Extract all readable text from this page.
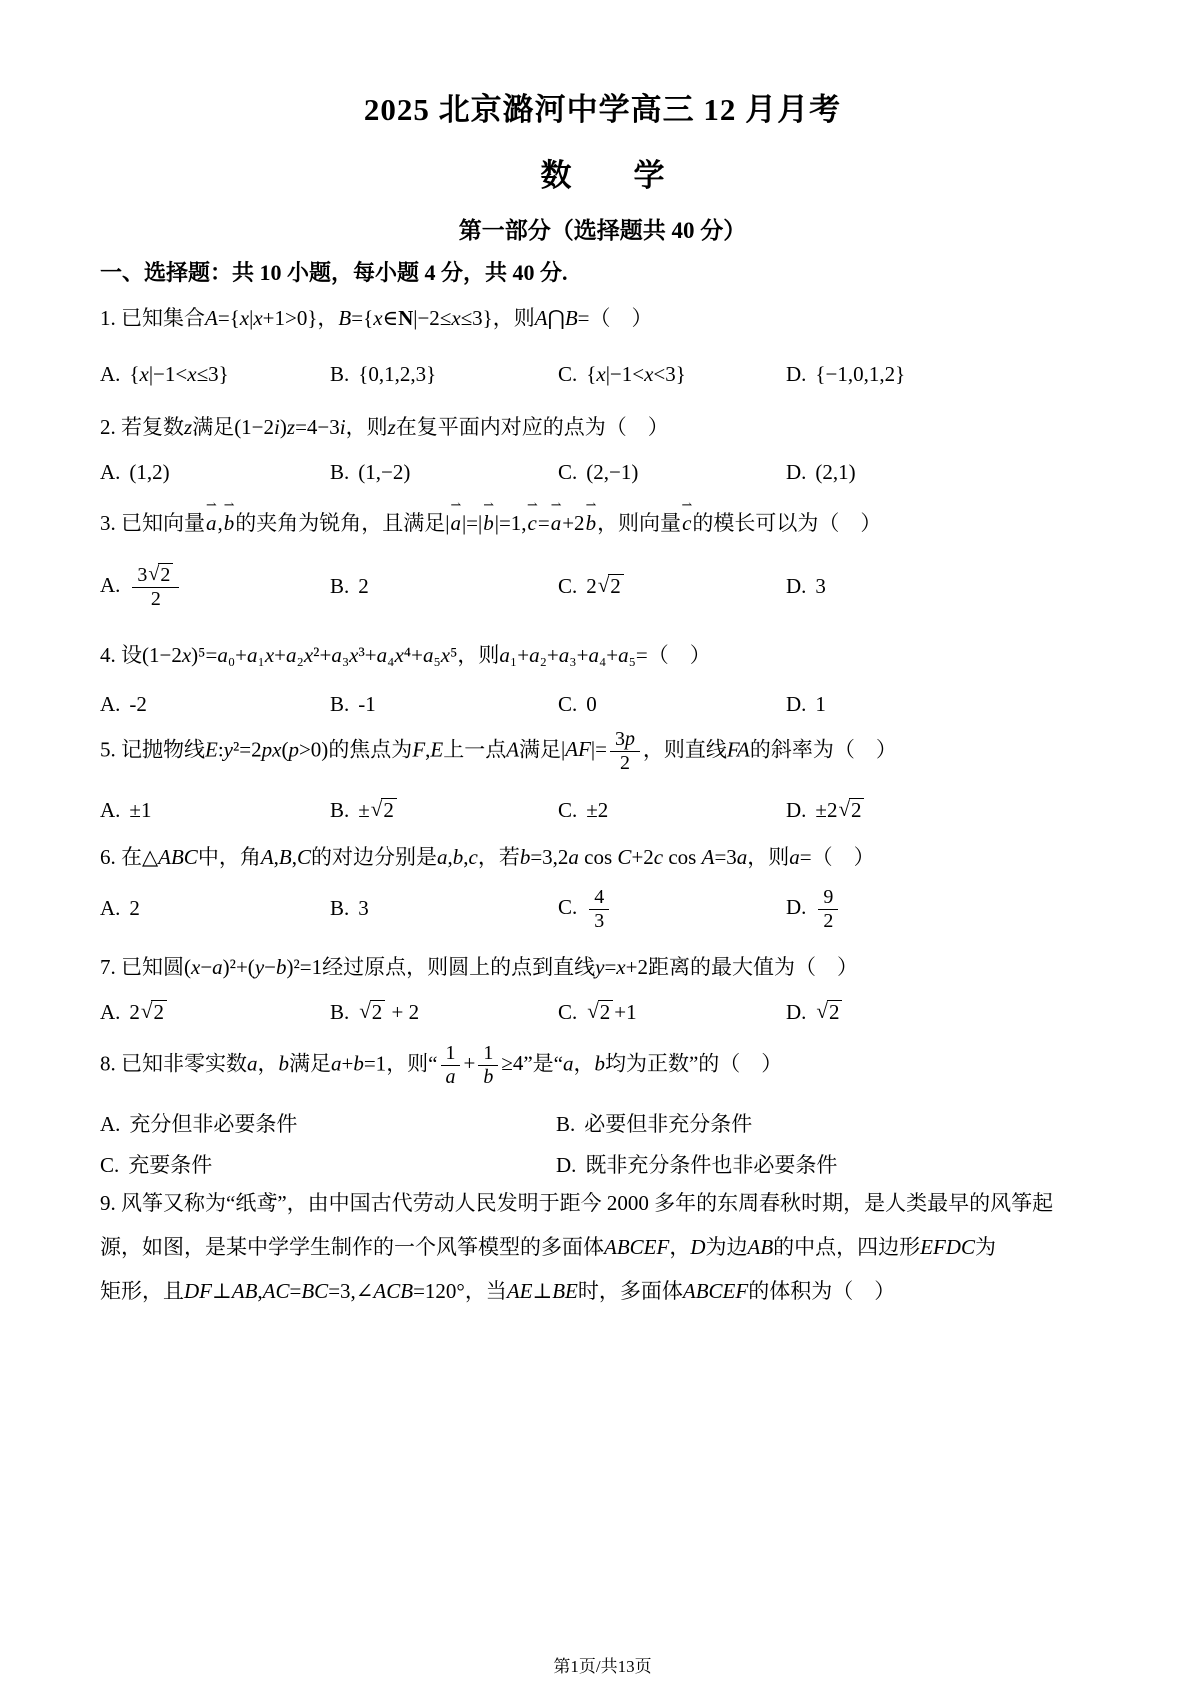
2025 北京潞河中学高三 12 月月考
数　　学
第一部分（选择题共 40 分）
一、选择题：共 10 小题，每小题 4 分，共 40 分.
1. 已知集合A={x|x+1>0}，B={x∈N|−2≤x≤3}，则A⋂B=（　）
A. {x|−1<x≤3}	B. {0,1,2,3}	C. {x|−1<x<3}	D. {−1,0,1,2}
2. 若复数z满足(1−2i)z=4−3i，则z在复平面内对应的点为（　）
A. (1,2)	B. (1,−2)	C. (2,−1)	D. (2,1)
3. 已知向量a ⇀,b ⇀的夹角为锐角，且满足|a ⇀|=|b ⇀|=1,c ⇀=a ⇀+2b ⇀，则向量c ⇀的模长可以为（　）
A. $\frac{3 √ 2}{2}$	B. 2	C. 2 √ 2	D. 3
4. 设(1−2x)⁵=a₀+a₁x+a₂x²+a₃x³+a₄x⁴+a₅x⁵，则a₁+a₂+a₃+a₄+a₅=（　）
A. -2	B. -1	C. 0	D. 1
5. 记抛物线E:y²=2px(p>0)的焦点为F,E上一点A满足$|AF|= \frac{3p}{2}$ ，则直线FA的斜率为（　）
A. ±1	B. ± √ 2	C. ±2	D. ±2 √ 2
6. 在△ABC中，角A,B,C的对边分别是a,b,c，若b=3,2a cos C+2c cos A=3a，则a=（　）
A. 2	B. 3	C. $\frac{4}{3}$	D. $\frac{9}{2}$
7. 已知圆(x−a)²+(y−b)²=1经过原点，则圆上的点到直线y=x+2距离的最大值为（　）
A. 2 √ 2	B. √ 2 + 2	C. √ 2 +1	D. √ 2
8. 已知非零实数a，b满足a+b=1，则“ $\frac{1}{a} + \frac{1}{b} \ge 4$”是“a，b均为正数”的（　）
A. 充分但非必要条件	B. 必要但非充分条件
C. 充要条件	D. 既非充分条件也非必要条件
9. 风筝又称为“纸鸢”，由中国古代劳动人民发明于距今 2000 多年的东周春秋时期，是人类最早的风筝起
源，如图，是某中学学生制作的一个风筝模型的多面体ABCEF，D为边AB的中点，四边形EFDC为
矩形，且DF⊥AB,AC=BC=3,∠ACB=120°，当AE⊥BE时，多面体ABCEF的体积为（　）
第1页/共13页
